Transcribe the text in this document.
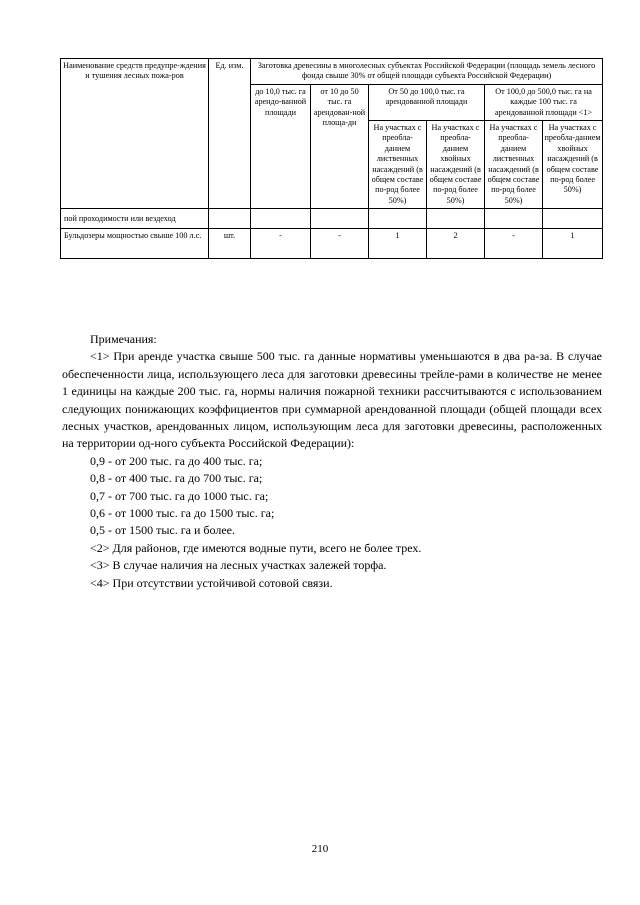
Наименование средств предупре-ждения и тушения лесных пожа-ров	Ед. изм.	Заготовка древесины в многолесных субъектах Российской Федерации (площадь земель лесного фонда свыше 30% от общей площади субъекта Российской Федерации)					
		до 10,0 тыс. га арендо-ванной площади	от 10 до 50 тыс. га арендован-ной площа-ди	От 50 до 100,0 тыс. га арендованной площади		От 100,0 до 500,0 тыс. га на каждые 100 тыс. га арендованной площади <1>	
				На участках с преобла-данием лиственных насаждений (в общем составе по-род более 50%)	На участках с преобла-данием хвойных насаждений (в общем составе по-род более 50%)	На участках с преобла-данием лиственных насаждений (в общем составе по-род более 50%)	На участках с преобла-данием хвойных насаждений (в общем составе по-род более 50%)
пой проходимости или вездеход							
Бульдозеры мощностью свыше 100 л.с.	шт.	-	-	1	2	-	1

Примечания:

<1> При аренде участка свыше 500 тыс. га данные нормативы уменьшаются в два ра-за. В случае обеспеченности лица, использующего леса для заготовки древесины трейле-рами в количестве не менее 1 единицы на каждые 200 тыс. га, нормы наличия пожарной техники рассчитываются с использованием следующих понижающих коэффициентов при суммарной арендованной площади (общей площади всех лесных участков, арендованных лицом, использующим леса для заготовки древесины, расположенных на территории од-ного субъекта Российской Федерации):

0,9 - от 200 тыс. га до 400 тыс. га;

0,8 - от 400 тыс. га до 700 тыс. га;

0,7 - от 700 тыс. га до 1000 тыс. га;

0,6 - от 1000 тыс. га до 1500 тыс. га;

0,5 - от 1500 тыс. га и более.

<2> Для районов, где имеются водные пути, всего не более трех.

<3> В случае наличия на лесных участках залежей торфа.

<4> При отсутствии устойчивой сотовой связи.

210
